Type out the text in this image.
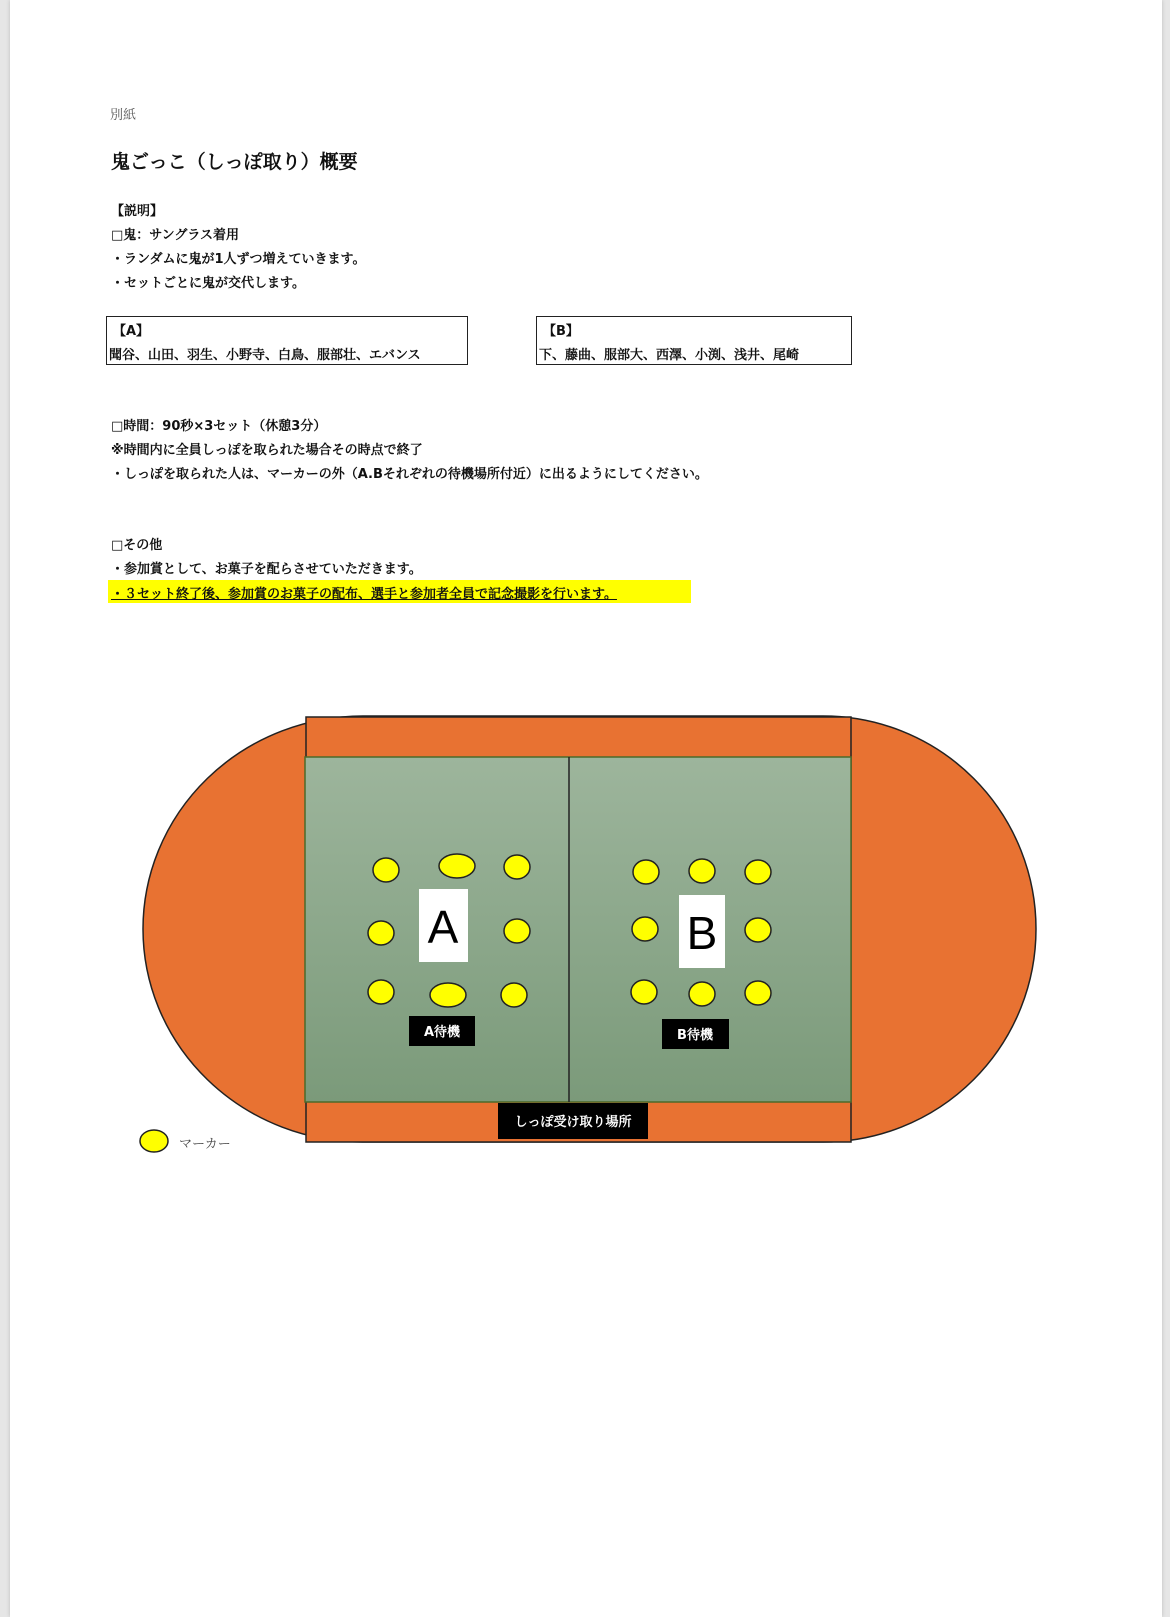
別紙
鬼ごっこ（しっぽ取り）概要
【説明】
□鬼：サングラス着用
・ランダムに鬼が1人ずつ増えていきます。
・セットごとに鬼が交代します。
【A】
聞谷、山田、羽生、小野寺、白鳥、服部壮、エバンス
【B】
下、藤曲、服部大、西澤、小渕、浅井、尾崎
□時間：90秒×3セット（休憩3分）
※時間内に全員しっぽを取られた場合その時点で終了
・しっぽを取られた人は、マーカーの外（A.Bそれぞれの待機場所付近）に出るようにしてください。
□その他
・参加賞として、お菓子を配らさせていただきます。
・３セット終了後、参加賞のお菓子の配布、選手と参加者全員で記念撮影を行います。
A	B
A待機	B待機
しっぽ受け取り場所
マーカー
